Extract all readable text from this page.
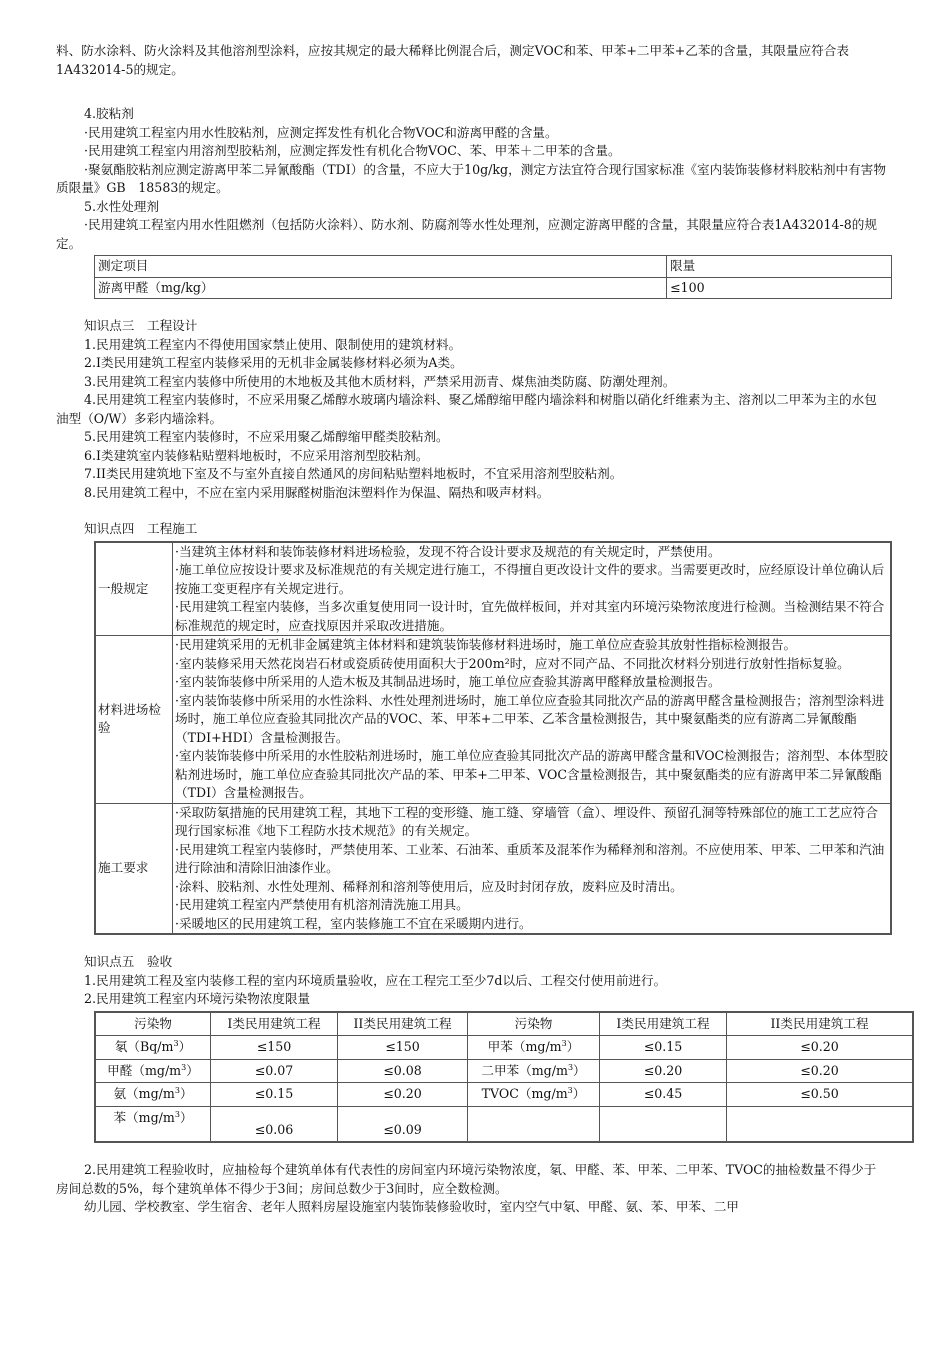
料、防水涂料、防火涂料及其他溶剂型涂料，应按其规定的最大稀释比例混合后，测定VOC和苯、甲苯+二甲苯+乙苯的含量，其限量应符合表1A432014-5的规定。

4.胶粘剂

·民用建筑工程室内用水性胶粘剂，应测定挥发性有机化合物VOC和游离甲醛的含量。

·民用建筑工程室内用溶剂型胶粘剂，应测定挥发性有机化合物VOC、苯、甲苯＋二甲苯的含量。

·聚氨酯胶粘剂应测定游离甲苯二异氰酸酯（TDI）的含量，不应大于10g/kg，测定方法宜符合现行国家标准《室内装饰装修材料胶粘剂中有害物质限量》GB　18583的规定。

5.水性处理剂

·民用建筑工程室内用水性阻燃剂（包括防火涂料）、防水剂、防腐剂等水性处理剂，应测定游离甲醛的含量，其限量应符合表1A432014-8的规定。

测定项目	限量
游离甲醛（mg/kg）	≤100

知识点三　工程设计

1.民用建筑工程室内不得使用国家禁止使用、限制使用的建筑材料。

2.I类民用建筑工程室内装修采用的无机非金属装修材料必须为A类。

3.民用建筑工程室内装修中所使用的木地板及其他木质材料，严禁采用沥青、煤焦油类防腐、防潮处理剂。

4.民用建筑工程室内装修时，不应采用聚乙烯醇水玻璃内墙涂料、聚乙烯醇缩甲醛内墙涂料和树脂以硝化纤维素为主、溶剂以二甲苯为主的水包油型（O/W）多彩内墙涂料。

5.民用建筑工程室内装修时，不应采用聚乙烯醇缩甲醛类胶粘剂。

6.I类建筑室内装修粘贴塑料地板时，不应采用溶剂型胶粘剂。

7.II类民用建筑地下室及不与室外直接自然通风的房间粘贴塑料地板时，不宜采用溶剂型胶粘剂。

8.民用建筑工程中，不应在室内采用脲醛树脂泡沫塑料作为保温、隔热和吸声材料。

知识点四　工程施工

一般规定	·当建筑主体材料和装饰装修材料进场检验，发现不符合设计要求及规范的有关规定时，严禁使用。

·施工单位应按设计要求及标准规范的有关规定进行施工，不得擅自更改设计文件的要求。当需要更改时，应经原设计单位确认后按施工变更程序有关规定进行。

·民用建筑工程室内装修，当多次重复使用同一设计时，宜先做样板间，并对其室内环境污染物浓度进行检测。当检测结果不符合标准规范的规定时，应查找原因并采取改进措施。

材料进场检验	·民用建筑采用的无机非金属建筑主体材料和建筑装饰装修材料进场时，施工单位应查验其放射性指标检测报告。

·室内装修采用天然花岗岩石材或瓷质砖使用面积大于200m²时，应对不同产品、不同批次材料分别进行放射性指标复验。

·室内装饰装修中所采用的人造木板及其制品进场时，施工单位应查验其游离甲醛释放量检测报告。

·室内装饰装修中所采用的水性涂料、水性处理剂进场时，施工单位应查验其同批次产品的游离甲醛含量检测报告；溶剂型涂料进场时，施工单位应查验其同批次产品的VOC、苯、甲苯+二甲苯、乙苯含量检测报告，其中聚氨酯类的应有游离二异氰酸酯（TDI+HDI）含量检测报告。

·室内装饰装修中所采用的水性胶粘剂进场时，施工单位应查验其同批次产品的游离甲醛含量和VOC检测报告；溶剂型、本体型胶粘剂进场时，施工单位应查验其同批次产品的苯、甲苯+二甲苯、VOC含量检测报告，其中聚氨酯类的应有游离甲苯二异氰酸酯（TDI）含量检测报告。

施工要求	·采取防氡措施的民用建筑工程，其地下工程的变形缝、施工缝、穿墙管（盒）、埋设件、预留孔洞等特殊部位的施工工艺应符合现行国家标准《地下工程防水技术规范》的有关规定。

·民用建筑工程室内装修时，严禁使用苯、工业苯、石油苯、重质苯及混苯作为稀释剂和溶剂。不应使用苯、甲苯、二甲苯和汽油进行除油和清除旧油漆作业。

·涂料、胶粘剂、水性处理剂、稀释剂和溶剂等使用后，应及时封闭存放，废料应及时清出。

·民用建筑工程室内严禁使用有机溶剂清洗施工用具。

·采暖地区的民用建筑工程，室内装修施工不宜在采暖期内进行。

知识点五　验收

1.民用建筑工程及室内装修工程的室内环境质量验收，应在工程完工至少7d以后、工程交付使用前进行。

2.民用建筑工程室内环境污染物浓度限量

污染物	I类民用建筑工程	II类民用建筑工程	污染物	I类民用建筑工程	II类民用建筑工程
氡$(Bq/m^3)$	≤150	≤150	甲苯$(mg/m^3)$	≤0.15	≤0.20
甲醛$(mg/m^3)$	≤0.07	≤0.08	二甲苯$(mg/m^3)$	≤0.20	≤0.20
氨$(mg/m^3)$	≤0.15	≤0.20	$TVOC(mg/m^3)$	≤0.45	≤0.50
苯$(mg/m^3)$	≤0.06	≤0.09			

2.民用建筑工程验收时，应抽检每个建筑单体有代表性的房间室内环境污染物浓度，氡、甲醛、苯、甲苯、二甲苯、TVOC的抽检数量不得少于房间总数的5%，每个建筑单体不得少于3间；房间总数少于3间时，应全数检测。

幼儿园、学校教室、学生宿舍、老年人照料房屋设施室内装饰装修验收时，室内空气中氡、甲醛、氨、苯、甲苯、二甲
